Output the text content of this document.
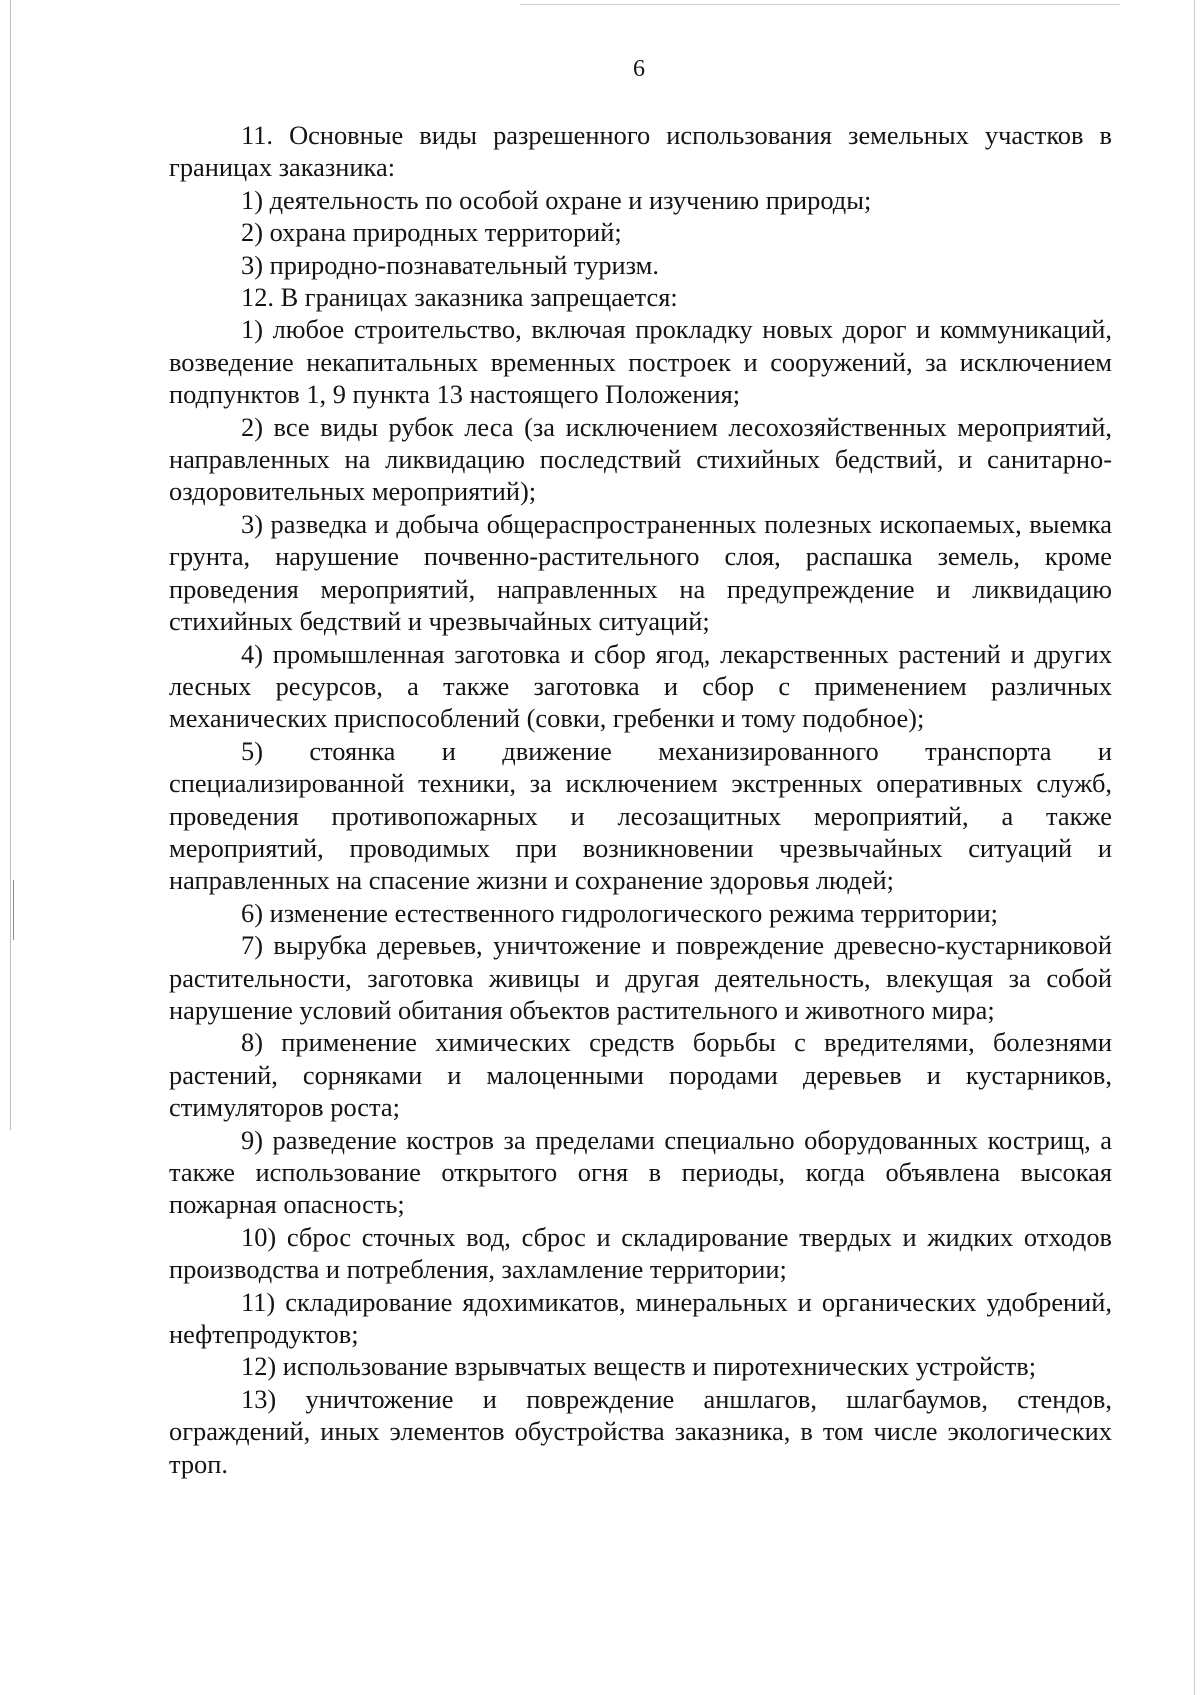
6

11. Основные виды разрешенного использования земельных участков в границах заказника:

1) деятельность по особой охране и изучению природы;

2) охрана природных территорий;

3) природно-познавательный туризм.

12. В границах заказника запрещается:

1) любое строительство, включая прокладку новых дорог и коммуникаций, возведение некапитальных временных построек и сооружений, за исключением подпунктов 1, 9 пункта 13 настоящего Положения;

2) все виды рубок леса (за исключением лесохозяйственных мероприятий, направленных на ликвидацию последствий стихийных бедствий, и санитарно-оздоровительных мероприятий);

3) разведка и добыча общераспространенных полезных ископаемых, выемка грунта, нарушение почвенно-растительного слоя, распашка земель, кроме проведения мероприятий, направленных на предупреждение и ликвидацию стихийных бедствий и чрезвычайных ситуаций;

4) промышленная заготовка и сбор ягод, лекарственных растений и других лесных ресурсов, а также заготовка и сбор с применением различных механических приспособлений (совки, гребенки и тому подобное);

5) стоянка и движение механизированного транспорта и специализированной техники, за исключением экстренных оперативных служб, проведения противопожарных и лесозащитных мероприятий, а также мероприятий, проводимых при возникновении чрезвычайных ситуаций и направленных на спасение жизни и сохранение здоровья людей;

6) изменение естественного гидрологического режима территории;

7) вырубка деревьев, уничтожение и повреждение древесно-кустарниковой растительности, заготовка живицы и другая деятельность, влекущая за собой нарушение условий обитания объектов растительного и животного мира;

8) применение химических средств борьбы с вредителями, болезнями растений, сорняками и малоценными породами деревьев и кустарников, стимуляторов роста;

9) разведение костров за пределами специально оборудованных кострищ, а также использование открытого огня в периоды, когда объявлена высокая пожарная опасность;

10) сброс сточных вод, сброс и складирование твердых и жидких отходов производства и потребления, захламление территории;

11) складирование ядохимикатов, минеральных и органических удобрений, нефтепродуктов;

12) использование взрывчатых веществ и пиротехнических устройств;

13) уничтожение и повреждение аншлагов, шлагбаумов, стендов, ограждений, иных элементов обустройства заказника, в том числе экологических троп.
